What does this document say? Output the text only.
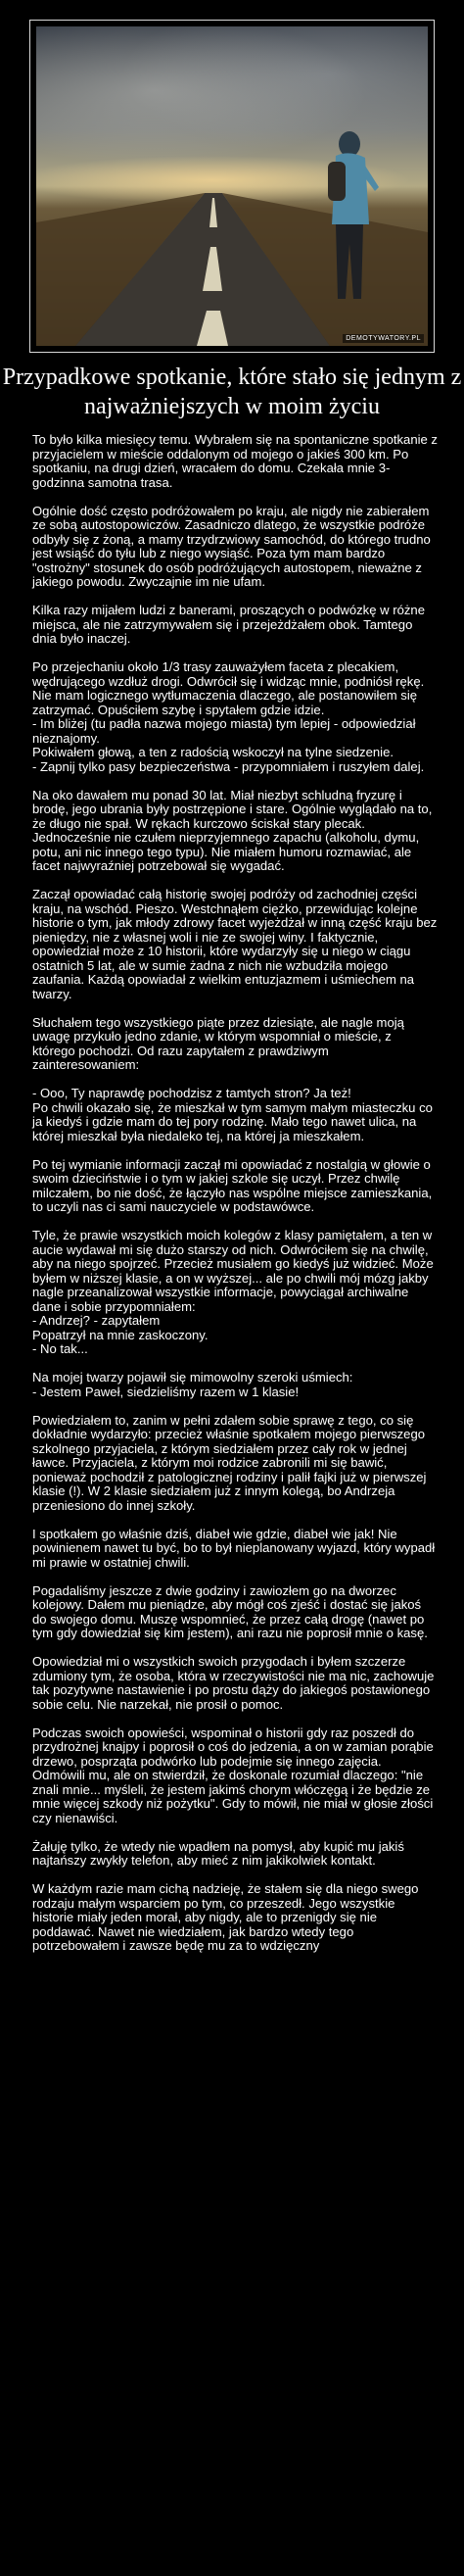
DEMOTYWATORY.PL
Przypadkowe spotkanie, które stało się jednym z najważniejszych w moim życiu

To było kilka miesięcy temu. Wybrałem się na spontaniczne spotkanie z przyjacielem w mieście oddalonym od mojego o jakieś 300 km. Po spotkaniu, na drugi dzień, wracałem do domu. Czekała mnie 3-godzinna samotna trasa.

Ogólnie dość często podróżowałem po kraju, ale nigdy nie zabierałem ze sobą autostopowiczów. Zasadniczo dlatego, że wszystkie podróże odbyły się z żoną, a mamy trzydrzwiowy samochód, do którego trudno jest wsiąść do tyłu lub z niego wysiąść. Poza tym mam bardzo "ostrożny" stosunek do osób podróżujących autostopem, nieważne z jakiego powodu. Zwyczajnie im nie ufam.

Kilka razy mijałem ludzi z banerami, proszących o podwózkę w różne miejsca, ale nie zatrzymywałem się i przejeżdżałem obok. Tamtego dnia było inaczej.

Po przejechaniu około 1/3 trasy zauważyłem faceta z plecakiem, wędrującego wzdłuż drogi. Odwrócił się i widząc mnie, podniósł rękę. Nie mam logicznego wytłumaczenia dlaczego, ale postanowiłem się zatrzymać. Opuściłem szybę i spytałem gdzie idzie.
- Im bliżej (tu padła nazwa mojego miasta) tym lepiej - odpowiedział nieznajomy.
Pokiwałem głową, a ten z radością wskoczył na tylne siedzenie.
- Zapnij tylko pasy bezpieczeństwa - przypomniałem i ruszyłem dalej.

Na oko dawałem mu ponad 30 lat. Miał niezbyt schludną fryzurę i brodę, jego ubrania były postrzępione i stare. Ogólnie wyglądało na to, że długo nie spał. W rękach kurczowo ściskał stary plecak. Jednocześnie nie czułem nieprzyjemnego zapachu (alkoholu, dymu, potu, ani nic innego tego typu). Nie miałem humoru rozmawiać, ale facet najwyraźniej potrzebował się wygadać.

Zaczął opowiadać całą historię swojej podróży od zachodniej części kraju, na wschód. Pieszo. Westchnąłem ciężko, przewidując kolejne historie o tym, jak młody zdrowy facet wyjeżdżał w inną część kraju bez pieniędzy, nie z własnej woli i nie ze swojej winy. I faktycznie, opowiedział może z 10 historii, które wydarzyły się u niego w ciągu ostatnich 5 lat, ale w sumie żadna z nich nie wzbudziła mojego zaufania. Każdą opowiadał z wielkim entuzjazmem i uśmiechem na twarzy.

Słuchałem tego wszystkiego piąte przez dziesiąte, ale nagle moją uwagę przykuło jedno zdanie, w którym wspomniał o mieście, z którego pochodzi. Od razu zapytałem z prawdziwym zainteresowaniem:

- Ooo, Ty naprawdę pochodzisz z tamtych stron? Ja też!
Po chwili okazało się, że mieszkał w tym samym małym miasteczku co ja kiedyś i gdzie mam do tej pory rodzinę. Mało tego nawet ulica, na której mieszkał była niedaleko tej, na której ja mieszkałem.

Po tej wymianie informacji zaczął mi opowiadać z nostalgią w głowie o swoim dzieciństwie i o tym w jakiej szkole się uczył. Przez chwilę milczałem, bo nie dość, że łączyło nas wspólne miejsce zamieszkania, to uczyli nas ci sami nauczyciele w podstawówce.

Tyle, że prawie wszystkich moich kolegów z klasy pamiętałem, a ten w aucie wydawał mi się dużo starszy od nich. Odwróciłem się na chwilę, aby na niego spojrzeć. Przecież musiałem go kiedyś już widzieć. Może byłem w niższej klasie, a on w wyższej... ale po chwili mój mózg jakby nagle przeanalizował wszystkie informacje, powyciągał archiwalne dane i sobie przypomniałem:
- Andrzej? - zapytałem
Popatrzył na mnie zaskoczony.
- No tak...

Na mojej twarzy pojawił się mimowolny szeroki uśmiech:
- Jestem Paweł, siedzieliśmy razem w 1 klasie!

Powiedziałem to, zanim w pełni zdałem sobie sprawę z tego, co się dokładnie wydarzyło: przecież właśnie spotkałem mojego pierwszego szkolnego przyjaciela, z którym siedziałem przez cały rok w jednej ławce. Przyjaciela, z którym moi rodzice zabronili mi się bawić, ponieważ pochodził z patologicznej rodziny i palił fajki już w pierwszej klasie (!). W 2 klasie siedziałem już z innym kolegą, bo Andrzeja przeniesiono do innej szkoły.

I spotkałem go właśnie dziś, diabeł wie gdzie, diabeł wie jak! Nie powinienem nawet tu być, bo to był nieplanowany wyjazd, który wypadł mi prawie w ostatniej chwili.

Pogadaliśmy jeszcze z dwie godziny i zawiozłem go na dworzec kolejowy. Dałem mu pieniądze, aby mógł coś zjeść i dostać się jakoś do swojego domu. Muszę wspomnieć, że przez całą drogę (nawet po tym gdy dowiedział się kim jestem), ani razu nie poprosił mnie o kasę.

Opowiedział mi o wszystkich swoich przygodach i byłem szczerze zdumiony tym, że osoba, która w rzeczywistości nie ma nic, zachowuje tak pozytywne nastawienie i po prostu dąży do jakiegoś postawionego sobie celu. Nie narzekał, nie prosił o pomoc.

Podczas swoich opowieści, wspominał o historii gdy raz poszedł do przydrożnej knajpy i poprosił o coś do jedzenia, a on w zamian porąbie drzewo, posprząta podwórko lub podejmie się innego zajęcia. Odmówili mu, ale on stwierdził, że doskonale rozumiał dlaczego: "nie znali mnie... myśleli, że jestem jakimś chorym włóczęgą i że będzie ze mnie więcej szkody niż pożytku". Gdy to mówił, nie miał w głosie złości czy nienawiści.

Żałuję tylko, że wtedy nie wpadłem na pomysł, aby kupić mu jakiś najtańszy zwykły telefon, aby mieć z nim jakikolwiek kontakt.

W każdym razie mam cichą nadzieję, że stałem się dla niego swego rodzaju małym wsparciem po tym, co przeszedł. Jego wszystkie historie miały jeden morał, aby nigdy, ale to przenigdy się nie poddawać. Nawet nie wiedziałem, jak bardzo wtedy tego potrzebowałem i zawsze będę mu za to wdzięczny
